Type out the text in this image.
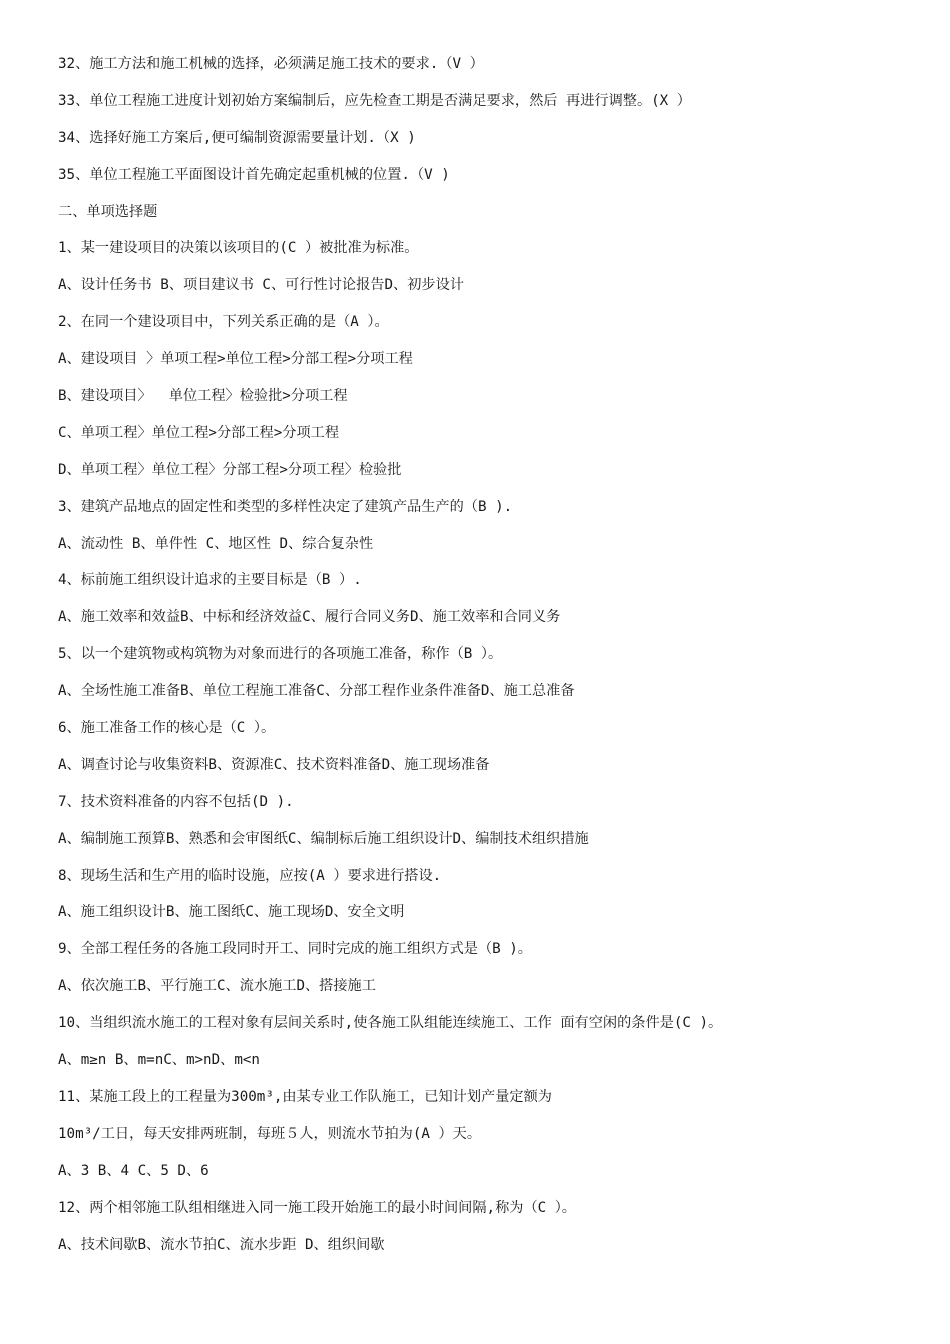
32、施工方法和施工机械的选择，必须满足施工技术的要求.（V ）
33、单位工程施工进度计划初始方案编制后，应先检查工期是否满足要求，然后 再进行调整。(X ）
34、选择好施工方案后,便可编制资源需要量计划.（X )
35、单位工程施工平面图设计首先确定起重机械的位置.（V )
二、单项选择题
1、某一建设项目的决策以该项目的(C ）被批准为标准。
A、设计任务书 B、项目建议书 C、可行性讨论报告D、初步设计
2、在同一个建设项目中，下列关系正确的是（A ）。
A、建设项目 〉单项工程>单位工程>分部工程>分项工程
B、建设项目〉  单位工程〉检验批>分项工程
C、单项工程〉单位工程>分部工程>分项工程
D、单项工程〉单位工程〉分部工程>分项工程〉检验批
3、建筑产品地点的固定性和类型的多样性决定了建筑产品生产的（B ).
A、流动性 B、单件性 C、地区性 D、综合复杂性
4、标前施工组织设计追求的主要目标是（B ）.
A、施工效率和效益B、中标和经济效益C、履行合同义务D、施工效率和合同义务
5、以一个建筑物或构筑物为对象而进行的各项施工准备，称作（B ）。
A、全场性施工准备B、单位工程施工准备C、分部工程作业条件准备D、施工总准备
6、施工准备工作的核心是（C ）。
A、调查讨论与收集资料B、资源准C、技术资料准备D、施工现场准备
7、技术资料准备的内容不包括(D ).
A、编制施工预算B、熟悉和会审图纸C、编制标后施工组织设计D、编制技术组织措施
8、现场生活和生产用的临时设施，应按(A ）要求进行搭设.
A、施工组织设计B、施工图纸C、施工现场D、安全文明
9、全部工程任务的各施工段同时开工、同时完成的施工组织方式是（B )。
A、依次施工B、平行施工C、流水施工D、搭接施工
10、当组织流水施工的工程对象有层间关系时,使各施工队组能连续施工、工作 面有空闲的条件是(C )。
A、m≥n B、m=nC、m>nD、m<n
11、某施工段上的工程量为300m³,由某专业工作队施工，已知计划产量定额为
10m³/工日，每天安排两班制，每班５人，则流水节拍为(A ）天。
A、3 B、4 C、5 D、6
12、两个相邻施工队组相继进入同一施工段开始施工的最小时间间隔,称为（C ）。
A、技术间歇B、流水节拍C、流水步距 D、组织间歇
